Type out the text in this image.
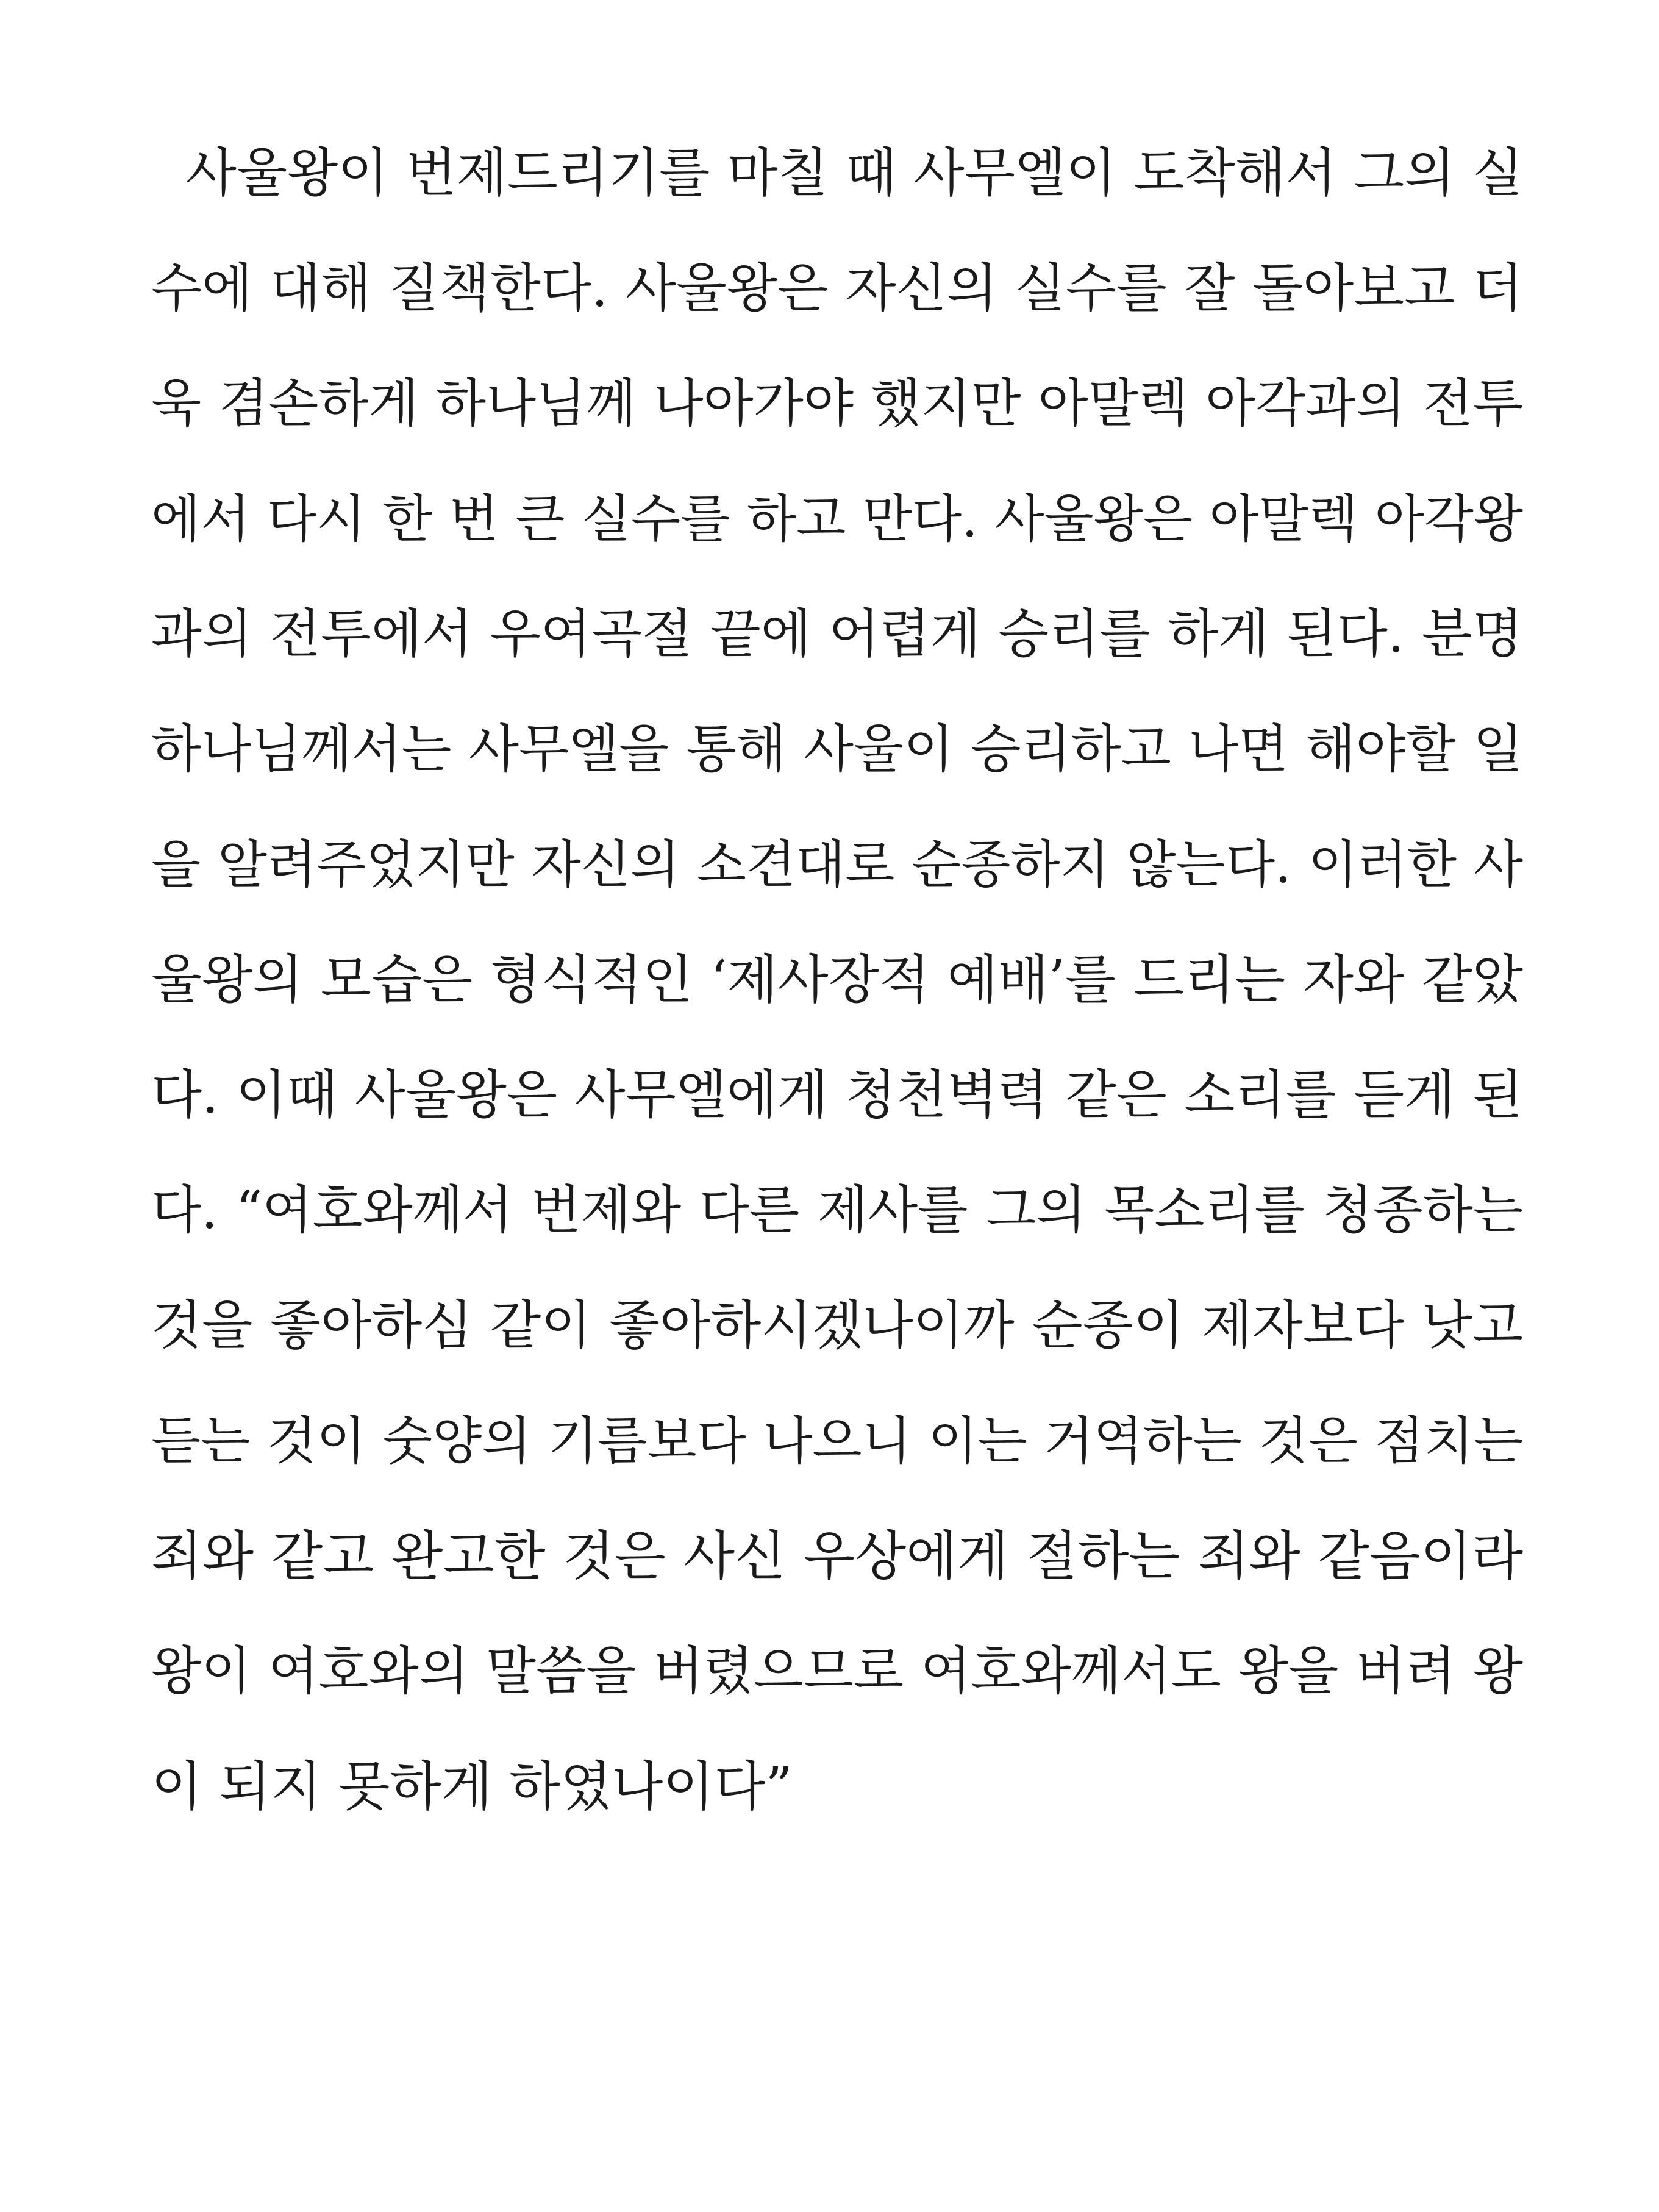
사울왕이 번제드리기를 마칠 때 사무엘이 도착해서 그의 실
수에 대해 질책한다. 사울왕은 자신의 실수를 잘 돌아보고 더
욱 겸손하게 하나님께 나아가야 했지만 아말렉 아각과의 전투
에서 다시 한 번 큰 실수를 하고 만다. 사울왕은 아말렉 아각왕
과의 전투에서 우여곡절 끝에 어렵게 승리를 하게 된다. 분명
하나님께서는 사무엘을 통해 사울이 승리하고 나면 해야할 일
을 알려주었지만 자신의 소견대로 순종하지 않는다. 이러한 사
울왕의 모습은 형식적인 ‘제사장적 예배’를 드리는 자와 같았
다. 이때 사울왕은 사무엘에게 청천벽력 같은 소리를 듣게 된
다. “여호와께서 번제와 다른 제사를 그의 목소리를 청종하는
것을 좋아하심 같이 좋아하시겠나이까 순종이 제자보다 낫고
듣는 것이 숫양의 기름보다 나으니 이는 거역하는 것은 점치는
죄와 같고 완고한 것은 사신 우상에게 절하는 죄와 같음이라
왕이 여호와의 말씀을 버렸으므로 여호와께서도 왕을 버려 왕
이 되지 못하게 하였나이다”
